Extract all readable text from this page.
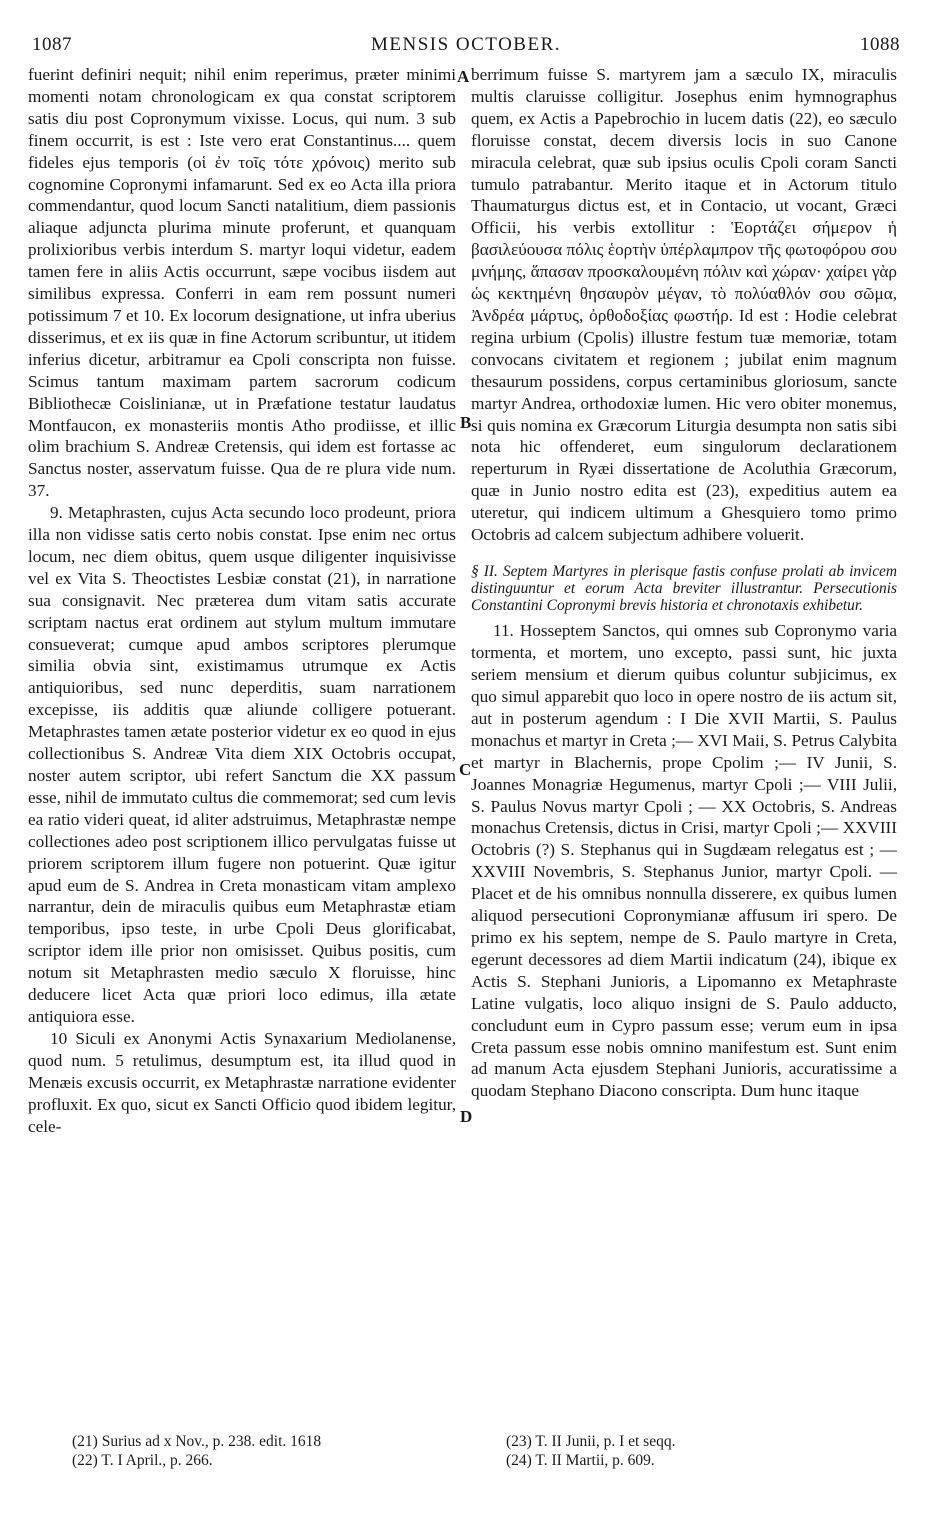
1087	MENSIS OCTOBER.	1088

fuerint definiri nequit; nihil enim reperimus, præter minimi momenti notam chronologicam ex qua constat scriptorem satis diu post Copronymum vixisse. Locus, qui num. 3 sub finem occurrit, is est : Iste vero erat Constantinus.... quem fideles ejus temporis (οἱ ἐν τοῖς τότε χρόνοις) merito sub cognomine Copronymi infamarunt. Sed ex eo Acta illa priora commendantur, quod locum Sancti natalitium, diem passionis aliaque adjuncta plurima minute proferunt, et quanquam prolixioribus verbis interdum S. martyr loqui videtur, eadem tamen fere in aliis Actis occurrunt, sæpe vocibus iisdem aut similibus expressa. Conferri in eam rem possunt numeri potissimum 7 et 10. Ex locorum designatione, ut infra uberius disserimus, et ex iis quæ in fine Actorum scribuntur, ut itidem inferius dicetur, arbitramur ea Cpoli conscripta non fuisse. Scimus tantum maximam partem sacrorum codicum Bibliothecæ Coislinianæ, ut in Præfatione testatur laudatus Montfaucon, ex monasteriis montis Atho prodiisse, et illic olim brachium S. Andreæ Cretensis, qui idem est fortasse ac Sanctus noster, asservatum fuisse. Qua de re plura vide num. 37.

9. Metaphrasten, cujus Acta secundo loco prodeunt, priora illa non vidisse satis certo nobis constat. Ipse enim nec ortus locum, nec diem obitus, quem usque diligenter inquisivisse vel ex Vita S. Theoctistes Lesbiæ constat (21), in narratione sua consignavit. Nec præterea dum vitam satis accurate scriptam nactus erat ordinem aut stylum multum immutare consueverat; cumque apud ambos scriptores plerumque similia obvia sint, existimamus utrumque ex Actis antiquioribus, sed nunc deperditis, suam narrationem excepisse, iis additis quæ aliunde colligere potuerant. Metaphrastes tamen ætate posterior videtur ex eo quod in ejus collectionibus S. Andreæ Vita diem XIX Octobris occupat, noster autem scriptor, ubi refert Sanctum die XX passum esse, nihil de immutato cultus die commemorat; sed cum levis ea ratio videri queat, id aliter adstruimus, Metaphrastæ nempe collectiones adeo post scriptionem illico pervulgatas fuisse ut priorem scriptorem illum fugere non potuerint. Quæ igitur apud eum de S. Andrea in Creta monasticam vitam amplexo narrantur, dein de miraculis quibus eum Metaphrastæ etiam temporibus, ipso teste, in urbe Cpoli Deus glorificabat, scriptor idem ille prior non omisisset. Quibus positis, cum notum sit Metaphrasten medio sæculo X floruisse, hinc deducere licet Acta quæ priori loco edimus, illa ætate antiquiora esse.

10 Siculi ex Anonymi Actis Synaxarium Mediolanense, quod num. 5 retulimus, desumptum est, ita illud quod in Menæis excusis occurrit, ex Metaphrastæ narratione evidenter profluxit. Ex quo, sicut ex Sancti Officio quod ibidem legitur, cele-

berrimum fuisse S. martyrem jam a sæculo IX, miraculis multis claruisse colligitur. Josephus enim hymnographus quem, ex Actis a Papebrochio in lucem datis (22), eo sæculo floruisse constat, decem diversis locis in suo Canone miracula celebrat, quæ sub ipsius oculis Cpoli coram Sancti tumulo patrabantur. Merito itaque et in Actorum titulo Thaumaturgus dictus est, et in Contacio, ut vocant, Græci Officii, his verbis extollitur : Ἑορτάζει σήμερον ἡ βασιλεύουσα πόλις ἑορτὴν ὑπέρλαμπρον τῆς φωτοφόρου σου μνήμης, ἅπασαν προσκαλουμένη πόλιν καὶ χώραν· χαίρει γὰρ ὡς κεκτημένη θησαυρὸν μέγαν, τὸ πολύαθλόν σου σῶμα, Ἀνδρέα μάρτυς, ὀρθοδοξίας φωστήρ. Id est : Hodie celebrat regina urbium (Cpolis) illustre festum tuæ memoriæ, totam convocans civitatem et regionem ; jubilat enim magnum thesaurum possidens, corpus certaminibus gloriosum, sancte martyr Andrea, orthodoxiæ lumen. Hic vero obiter monemus, si quis nomina ex Græcorum Liturgia desumpta non satis sibi nota hic offenderet, eum singulorum declarationem reperturum in Ryæi dissertatione de Acoluthia Græcorum, quæ in Junio nostro edita est (23), expeditius autem ea uteretur, qui indicem ultimum a Ghesquiero tomo primo Octobris ad calcem subjectum adhibere voluerit.

§ II. Septem Martyres in plerisque fastis confuse prolati ab invicem distinguuntur et eorum Acta breviter illustrantur. Persecutionis Constantini Copronymi brevis historia et chronotaxis exhibetur.

11. Hosseptem Sanctos, qui omnes sub Copronymo varia tormenta, et mortem, uno excepto, passi sunt, hic juxta seriem mensium et dierum quibus coluntur subjicimus, ex quo simul apparebit quo loco in opere nostro de iis actum sit, aut in posterum agendum : I Die XVII Martii, S. Paulus monachus et martyr in Creta ;— XVI Maii, S. Petrus Calybita et martyr in Blachernis, prope Cpolim ;— IV Junii, S. Joannes Monagriæ Hegumenus, martyr Cpoli ;— VIII Julii, S. Paulus Novus martyr Cpoli ; — XX Octobris, S. Andreas monachus Cretensis, dictus in Crisi, martyr Cpoli ;— XXVIII Octobris (?) S. Stephanus qui in Sugdæam relegatus est ; — XXVIII Novembris, S. Stephanus Junior, martyr Cpoli. — Placet et de his omnibus nonnulla disserere, ex quibus lumen aliquod persecutioni Copronymianæ affusum iri spero. De primo ex his septem, nempe de S. Paulo martyre in Creta, egerunt decessores ad diem Martii indicatum (24), ibique ex Actis S. Stephani Junioris, a Lipomanno ex Metaphraste Latine vulgatis, loco aliquo insigni de S. Paulo adducto, concludunt eum in Cypro passum esse; verum eum in ipsa Creta passum esse nobis omnino manifestum est. Sunt enim ad manum Acta ejusdem Stephani Junioris, accuratissime a quodam Stephano Diacono conscripta. Dum hunc itaque

A
B
C
D
(21) Surius ad x Nov., p. 238. edit. 1618
(22) T. I April., p. 266.
(23) T. II Junii, p. I et seqq.
(24) T. II Martii, p. 609.
